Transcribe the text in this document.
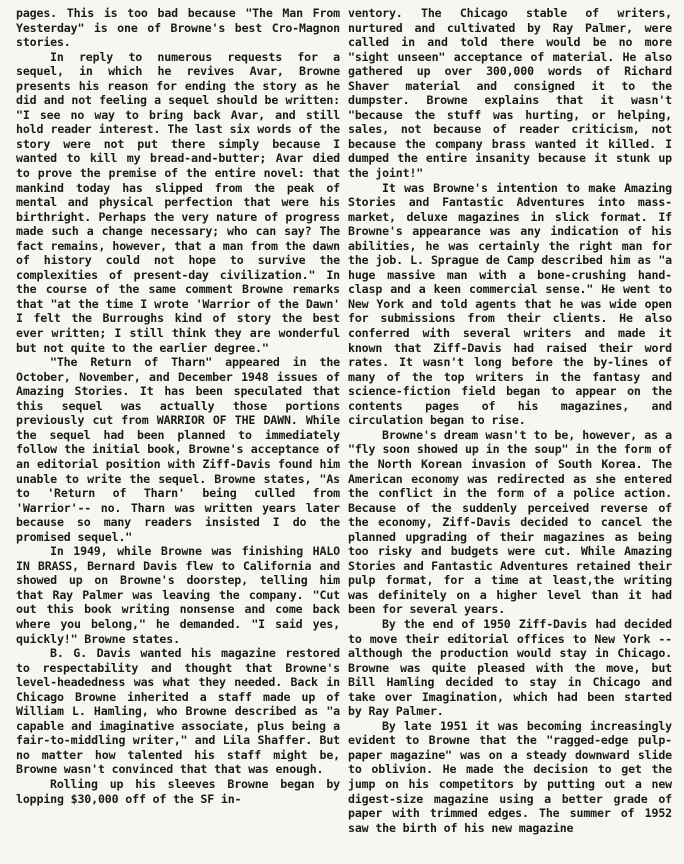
pages. This is too bad because "The Man From Yesterday" is one of Browne's best Cro-Magnon stories.

In reply to numerous requests for a sequel, in which he revives Avar, Browne presents his reason for ending the story as he did and not feeling a sequel should be written: "I see no way to bring back Avar, and still hold reader interest. The last six words of the story were not put there simply because I wanted to kill my bread-and-butter; Avar died to prove the premise of the entire novel: that mankind today has slipped from the peak of mental and physical perfection that were his birthright. Perhaps the very nature of progress made such a change necessary; who can say? The fact remains, however, that a man from the dawn of history could not hope to survive the complexities of present-day civilization." In the course of the same comment Browne remarks that "at the time I wrote 'Warrior of the Dawn' I felt the Burroughs kind of story the best ever written; I still think they are wonderful but not quite to the earlier degree."

"The Return of Tharn" appeared in the October, November, and December 1948 issues of Amazing Stories. It has been speculated that this sequel was actually those portions previously cut from WARRIOR OF THE DAWN. While the sequel had been planned to immediately follow the initial book, Browne's acceptance of an editorial position with Ziff-Davis found him unable to write the sequel. Browne states, "As to 'Return of Tharn' being culled from 'Warrior'-- no. Tharn was written years later because so many readers insisted I do the promised sequel."

In 1949, while Browne was finishing HALO IN BRASS, Bernard Davis flew to California and showed up on Browne's doorstep, telling him that Ray Palmer was leaving the company. "Cut out this book writing nonsense and come back where you belong," he demanded. "I said yes, quickly!" Browne states.

B. G. Davis wanted his magazine restored to respectability and thought that Browne's level-headedness was what they needed. Back in Chicago Browne inherited a staff made up of William L. Hamling, who Browne described as "a capable and imaginative associate, plus being a fair-to-middling writer," and Lila Shaffer. But no matter how talented his staff might be, Browne wasn't convinced that that was enough.

Rolling up his sleeves Browne began by lopping $30,000 off of the SF in-

ventory. The Chicago stable of writers, nurtured and cultivated by Ray Palmer, were called in and told there would be no more "sight unseen" acceptance of material. He also gathered up over 300,000 words of Richard Shaver material and consigned it to the dumpster. Browne explains that it wasn't "because the stuff was hurting, or helping, sales, not because of reader criticism, not because the company brass wanted it killed. I dumped the entire insanity because it stunk up the joint!"

It was Browne's intention to make Amazing Stories and Fantastic Adventures into mass-market, deluxe magazines in slick format. If Browne's appearance was any indication of his abilities, he was certainly the right man for the job. L. Sprague de Camp described him as "a huge massive man with a bone-crushing hand-clasp and a keen commercial sense." He went to New York and told agents that he was wide open for submissions from their clients. He also conferred with several writers and made it known that Ziff-Davis had raised their word rates. It wasn't long before the by-lines of many of the top writers in the fantasy and science-fiction field began to appear on the contents pages of his magazines, and circulation began to rise.

Browne's dream wasn't to be, however, as a "fly soon showed up in the soup" in the form of the North Korean invasion of South Korea. The American economy was redirected as she entered the conflict in the form of a police action. Because of the suddenly perceived reverse of the economy, Ziff-Davis decided to cancel the planned upgrading of their magazines as being too risky and budgets were cut. While Amazing Stories and Fantastic Adventures retained their pulp format, for a time at least,the writing was definitely on a higher level than it had been for several years.

By the end of 1950 Ziff-Davis had decided to move their editorial offices to New York -- although the production would stay in Chicago. Browne was quite pleased with the move, but Bill Hamling decided to stay in Chicago and take over Imagination, which had been started by Ray Palmer.

By late 1951 it was becoming increasingly evident to Browne that the "ragged-edge pulp-paper magazine" was on a steady downward slide to oblivion. He made the decision to get the jump on his competitors by putting out a new digest-size magazine using a better grade of paper with trimmed edges. The summer of 1952 saw the birth of his new magazine
